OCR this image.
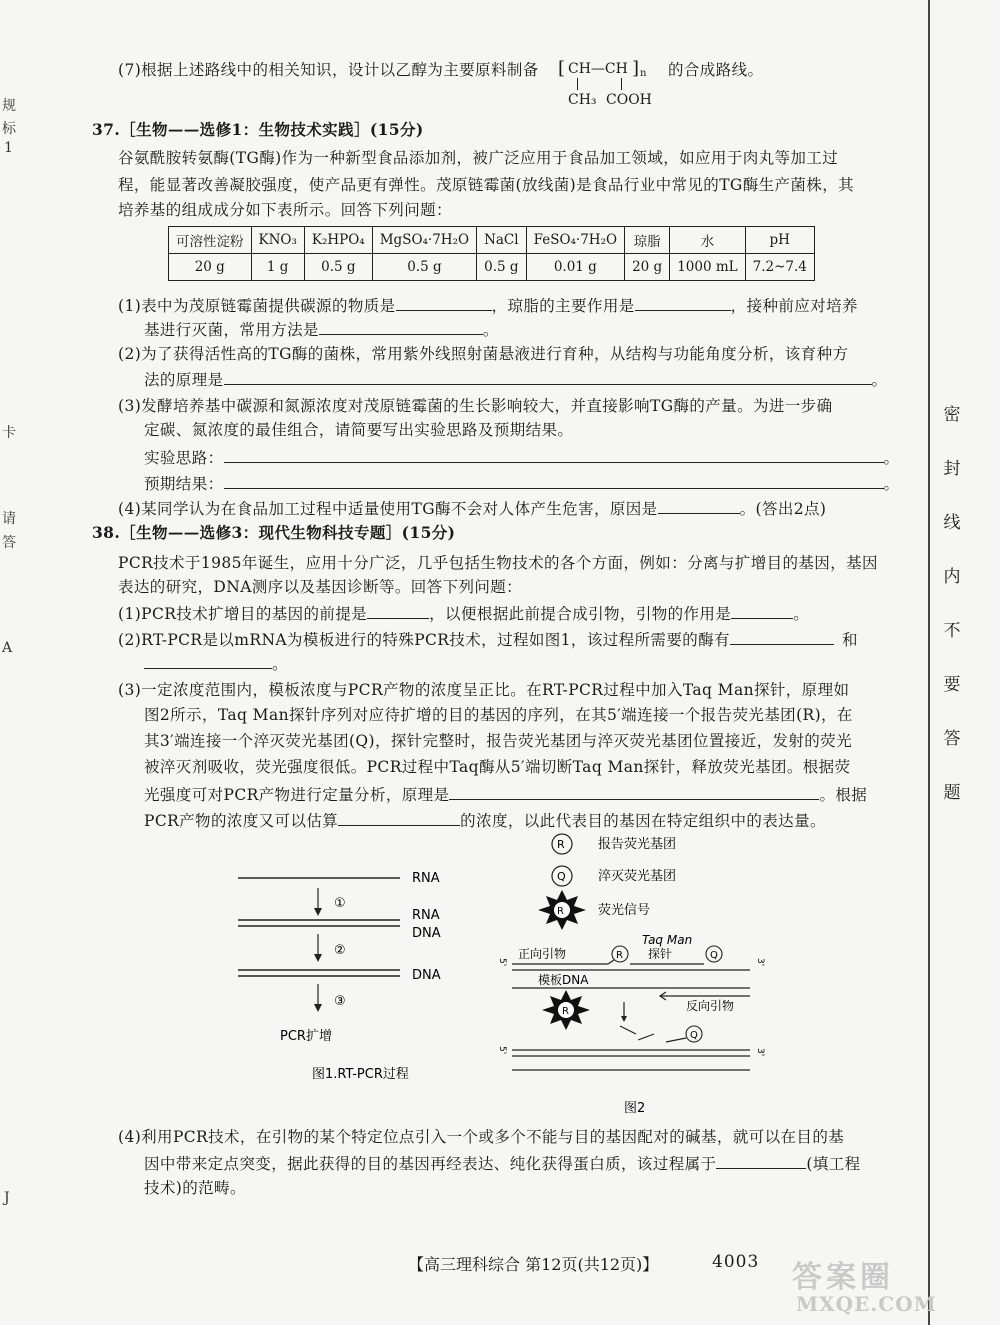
规
标
1
卡
请
答
A
J
(7)根据上述路线中的相关知识，设计以乙醇为主要原料制备 [ CH—CH ] n
CH₃ COOH
的合成路线。
37.［生物——选修1：生物技术实践］(15分)
谷氨酰胺转氨酶(TG酶)作为一种新型食品添加剂，被广泛应用于食品加工领域，如应用于肉丸等加工过
程，能显著改善凝胶强度，使产品更有弹性。茂原链霉菌(放线菌)是食品行业中常见的TG酶生产菌株，其
培养基的组成成分如下表所示。回答下列问题：
可溶性淀粉	KNO₃	K₂HPO₄	MgSO₄·7H₂O	NaCl	FeSO₄·7H₂O	琼脂	水	pH
20 g	1 g	0.5 g	0.5 g	0.5 g	0.01 g	20 g	1000 mL	7.2~7.4
(1)表中为茂原链霉菌提供碳源的物质是	，琼脂的主要作用是	，接种前应对培养
基进行灭菌，常用方法是	。
(2)为了获得活性高的TG酶的菌株，常用紫外线照射菌悬液进行育种，从结构与功能角度分析，该育种方
法的原理是	。
(3)发酵培养基中碳源和氮源浓度对茂原链霉菌的生长影响较大，并直接影响TG酶的产量。为进一步确
定碳、氮浓度的最佳组合，请简要写出实验思路及预期结果。
实验思路：	。
预期结果：	。
(4)某同学认为在食品加工过程中适量使用TG酶不会对人体产生危害，原因是	。(答出2点)
38.［生物——选修3：现代生物科技专题］(15分)
PCR技术于1985年诞生，应用十分广泛，几乎包括生物技术的各个方面，例如：分离与扩增目的基因，基因
表达的研究，DNA测序以及基因诊断等。回答下列问题：
(1)PCR技术扩增目的基因的前提是	，以便根据此前提合成引物，引物的作用是	。
(2)RT-PCR是以mRNA为模板进行的特殊PCR技术，过程如图1，该过程所需要的酶有	和
。
(3)一定浓度范围内，模板浓度与PCR产物的浓度呈正比。在RT-PCR过程中加入Taq Man探针，原理如
图2所示，Taq Man探针序列对应待扩增的目的基因的序列，在其5′端连接一个报告荧光基团(R)，在
其3′端连接一个淬灭荧光基团(Q)，探针完整时，报告荧光基团与淬灭荧光基团位置接近，发射的荧光
被淬灭剂吸收，荧光强度很低。PCR过程中Taq酶从5′端切断Taq Man探针，释放荧光基团。根据荧
光强度可对PCR产物进行定量分析，原理是	。根据
PCR产物的浓度又可以估算	的浓度，以此代表目的基因在特定组织中的表达量。
RNA
①
RNA
DNA
②
DNA
③
PCR扩增
图1.RT-PCR过程
R	报告荧光基团
Q 淬灭荧光基团
R	荧光信号
Taq Man
正向引物	R 探针	Q
5'
模板DNA
3'
反向引物
R
Q
5'	3'
图2
(4)利用PCR技术，在引物的某个特定位点引入一个或多个不能与目的基因配对的碱基，就可以在目的基
因中带来定点突变，据此获得的目的基因再经表达、纯化获得蛋白质，该过程属于	(填工程
技术)的范畴。
密
封
线
内
不
要
答
题
【高三理科综合 第12页(共12页)】	4003 答案圈
MXQE.COM
